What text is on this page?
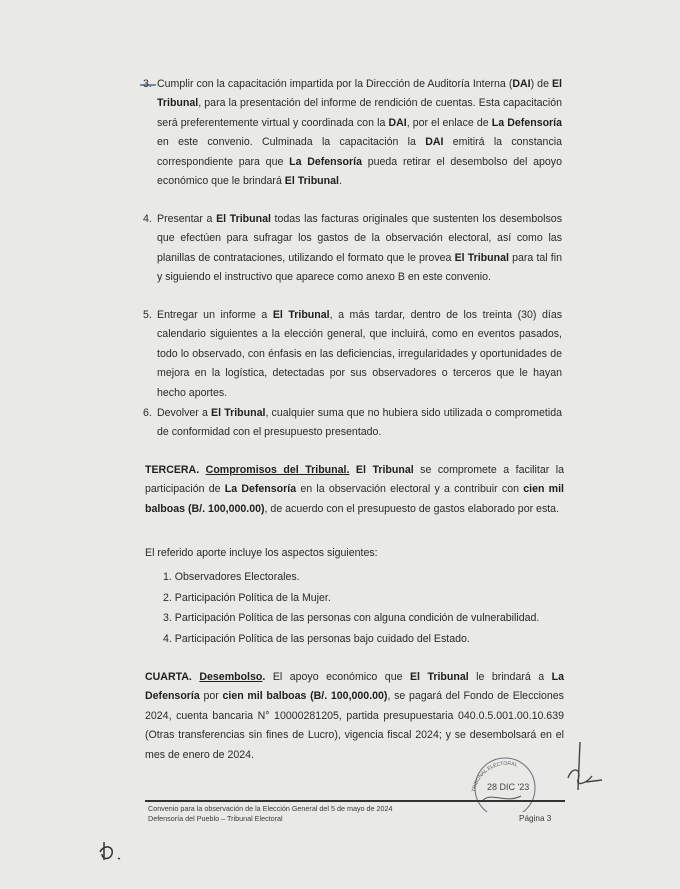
3. Cumplir con la capacitación impartida por la Dirección de Auditoría Interna (DAI) de El Tribunal, para la presentación del informe de rendición de cuentas. Esta capacitación será preferentemente virtual y coordinada con la DAI, por el enlace de La Defensoría en este convenio. Culminada la capacitación la DAI emitirá la constancia correspondiente para que La Defensoría pueda retirar el desembolso del apoyo económico que le brindará El Tribunal.
4. Presentar a El Tribunal todas las facturas originales que sustenten los desembolsos que efectúen para sufragar los gastos de la observación electoral, así como las planillas de contrataciones, utilizando el formato que le provea El Tribunal para tal fin y siguiendo el instructivo que aparece como anexo B en este convenio.
5. Entregar un informe a El Tribunal, a más tardar, dentro de los treinta (30) días calendario siguientes a la elección general, que incluirá, como en eventos pasados, todo lo observado, con énfasis en las deficiencias, irregularidades y oportunidades de mejora en la logística, detectadas por sus observadores o terceros que le hayan hecho aportes.
6. Devolver a El Tribunal, cualquier suma que no hubiera sido utilizada o comprometida de conformidad con el presupuesto presentado.
TERCERA. Compromisos del Tribunal. El Tribunal se compromete a facilitar la participación de La Defensoría en la observación electoral y a contribuir con cien mil balboas (B/. 100,000.00), de acuerdo con el presupuesto de gastos elaborado por esta.
El referido aporte incluye los aspectos siguientes:
1. Observadores Electorales.
2. Participación Política de la Mujer.
3. Participación Política de las personas con alguna condición de vulnerabilidad.
4. Participación Política de las personas bajo cuidado del Estado.
CUARTA. Desembolso. El apoyo económico que El Tribunal le brindará a La Defensoría por cien mil balboas (B/. 100,000.00), se pagará del Fondo de Elecciones 2024, cuenta bancaria N° 10000281205, partida presupuestaria 040.0.5.001.00.10.639 (Otras transferencias sin fines de Lucro), vigencia fiscal 2024; y se desembolsará en el mes de enero de 2024.
TRIBUNAL ELECTORAL
28 DIC '23
Convenio para la observación de la Elección General del 5 de mayo de 2024
Defensoría del Pueblo – Tribunal Electoral	Página 3
